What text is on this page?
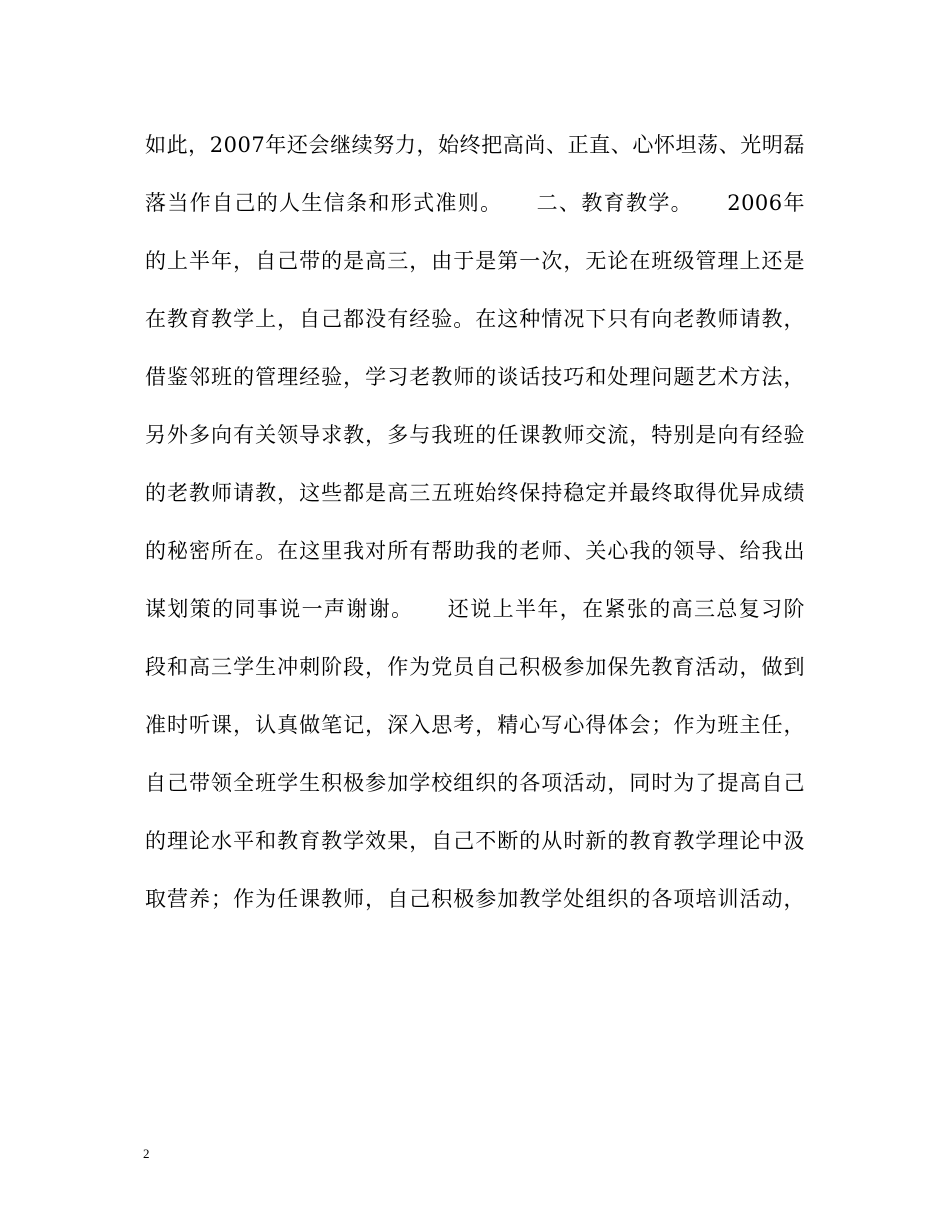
如此，2007年还会继续努力，始终把高尚、正直、心怀坦荡、光明磊
落当作自己的人生信条和形式准则。　　二、教育教学。　　2006年
的上半年，自己带的是高三，由于是第一次，无论在班级管理上还是
在教育教学上，自己都没有经验。在这种情况下只有向老教师请教，
借鉴邻班的管理经验，学习老教师的谈话技巧和处理问题艺术方法，
另外多向有关领导求教，多与我班的任课教师交流，特别是向有经验
的老教师请教，这些都是高三五班始终保持稳定并最终取得优异成绩
的秘密所在。在这里我对所有帮助我的老师、关心我的领导、给我出
谋划策的同事说一声谢谢。　　还说上半年，在紧张的高三总复习阶
段和高三学生冲刺阶段，作为党员自己积极参加保先教育活动，做到
准时听课，认真做笔记，深入思考，精心写心得体会；作为班主任，
自己带领全班学生积极参加学校组织的各项活动，同时为了提高自己
的理论水平和教育教学效果，自己不断的从时新的教育教学理论中汲
取营养；作为任课教师，自己积极参加教学处组织的各项培训活动，
2
